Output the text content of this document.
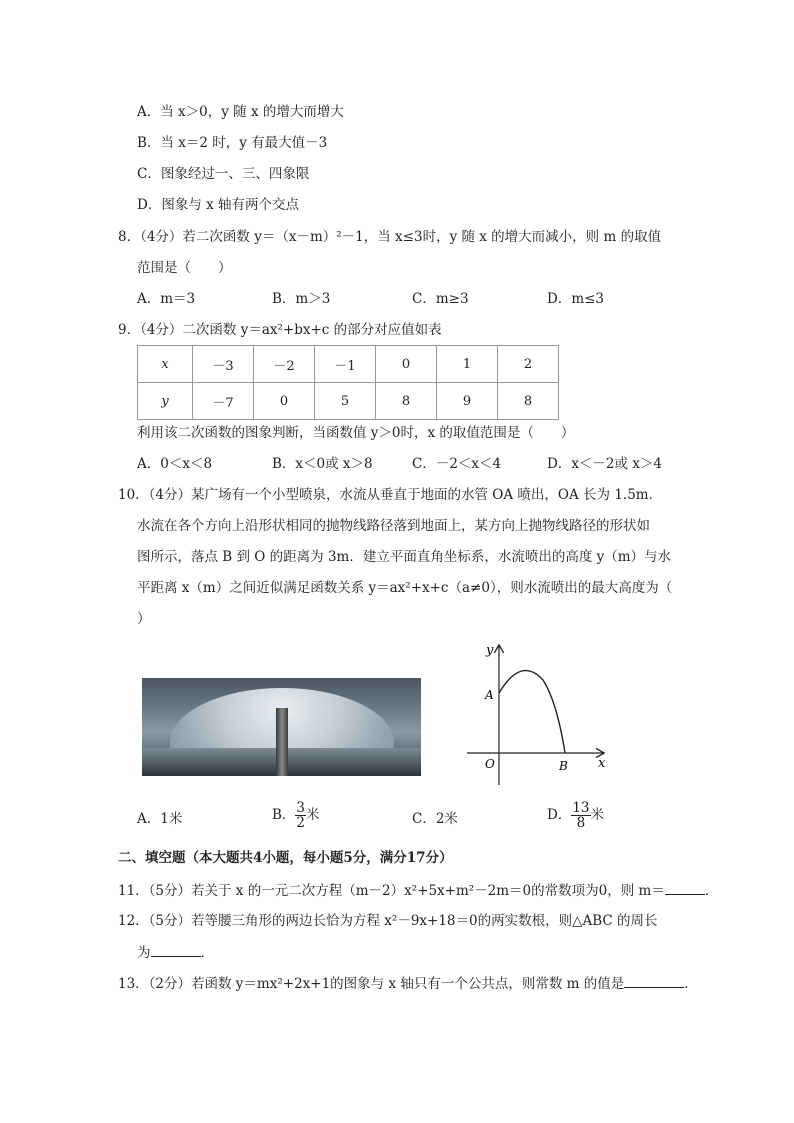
A．当 x＞0，y 随 x 的增大而增大
B．当 x＝2 时，y 有最大值－3
C．图象经过一、三、四象限
D．图象与 x 轴有两个交点
8．（4分）若二次函数 y＝（x－m）²－1，当 x≤3时，y 随 x 的增大而减小，则 m 的取值
范围是（　　）
A．m＝3	B．m＞3	C．m≥3	D．m≤3
9．（4分）二次函数 y＝ax²+bx+c 的部分对应值如表
x	－3	－2	－1	0	1	2
y	－7	0	5	8	9	8
利用该二次函数的图象判断，当函数值 y＞0时，x 的取值范围是（　　）
A．0＜x＜8	B．x＜0或 x＞8	C．－2＜x＜4	D．x＜－2或 x＞4
10．（4分）某广场有一个小型喷泉，水流从垂直于地面的水管 OA 喷出，OA 长为 1.5m．
水流在各个方向上沿形状相同的抛物线路径落到地面上，某方向上抛物线路径的形状如
图所示，落点 B 到 O 的距离为 3m．建立平面直角坐标系，水流喷出的高度 y（m）与水
平距离 x（m）之间近似满足函数关系 y＝ax²+x+c（a≠0），则水流喷出的最大高度为（
）
y
x
O
A
B
A．1米	B． $\frac{3}{2}$ 米	C．2米	D． $\frac{13}{8}$ 米
二、填空题（本大题共4小题，每小题5分，满分17分）
11．（5分）若关于 x 的一元二次方程（m－2）x²+5x+m²－2m＝0的常数项为0，则 m＝	．
12．（5分）若等腰三角形的两边长恰为方程 x²－9x+18＝0的两实数根，则△ABC 的周长
为	．
13．（2分）若函数 y＝mx²+2x+1的图象与 x 轴只有一个公共点，则常数 m 的值是	．
